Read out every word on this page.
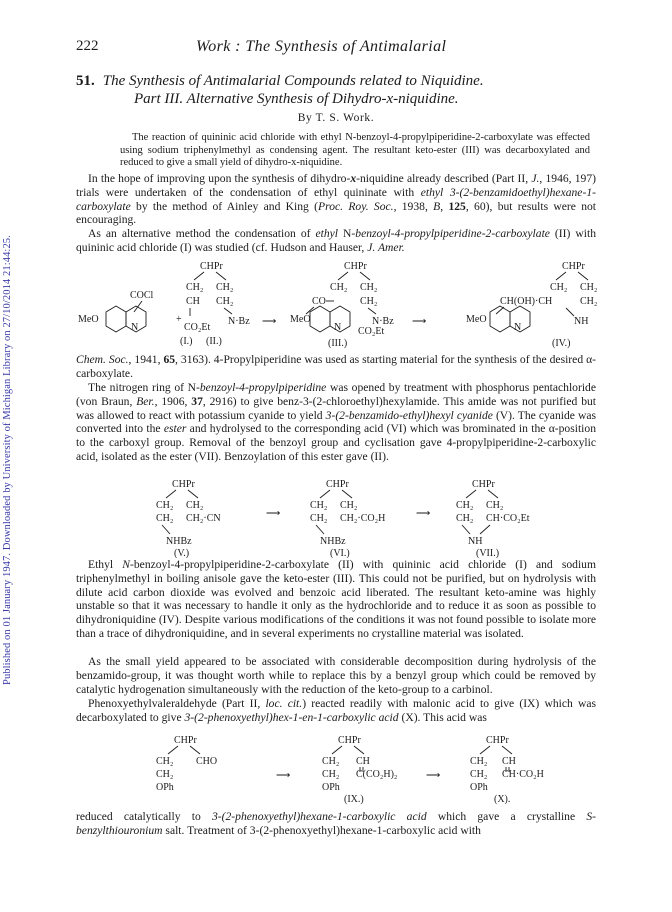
Published on 01 January 1947. Downloaded by University of Michigan Library on 27/10/2014 21:44:25.
222	Work : The Synthesis of Antimalarial
51. The Synthesis of Antimalarial Compounds related to Niquidine.
Part III. Alternative Synthesis of Dihydro-x-niquidine.
By T. S. Work.
The reaction of quininic acid chloride with ethyl N-benzoyl-4-propylpiperidine-2-carboxylate was effected using sodium triphenylmethyl as condensing agent. The resultant keto-ester (III) was decarboxylated and reduced to give a small yield of dihydro-x-niquidine.
In the hope of improving upon the synthesis of dihydro-x-niquidine already described (Part II, J., 1946, 197) trials were undertaken of the condensation of ethyl quininate with ethyl 3-(2-benzamidoethyl)hexane-1-carboxylate by the method of Ainley and King (Proc. Roy. Soc., 1938, B, 125, 60), but results were not encouraging.
As an alternative method the condensation of ethyl N-benzoyl-4-propylpiperidine-2-carboxylate (II) with quininic acid chloride (I) was studied (cf. Hudson and Hauser, J. Amer.
COCl
MeO
N
+
CHPr
CH₂ CH₂
CH CH₂
N·Bz
CO₂Et
(I.) (II.)
⟶
CHPr
CH₂ CH₂
CO	CH₂
MeO
N
N·Bz
CO₂Et
(III.)
⟶
CHPr
CH₂ CH₂
CH(OH)·CH	CH₂
MeO
N
NH
(IV.)
Chem. Soc., 1941, 65, 3163). 4-Propylpiperidine was used as starting material for the synthesis of the desired α-carboxylate.
The nitrogen ring of N-benzoyl-4-propylpiperidine was opened by treatment with phosphorus pentachloride (von Braun, Ber., 1906, 37, 2916) to give benz-3-(2-chloroethyl)hexylamide. This amide was not purified but was allowed to react with potassium cyanide to yield 3-(2-benzamido-ethyl)hexyl cyanide (V). The cyanide was converted into the ester and hydrolysed to the corresponding acid (VI) which was brominated in the α-position to the carboxyl group. Removal of the benzoyl group and cyclisation gave 4-propylpiperidine-2-carboxylic acid, isolated as the ester (VII). Benzoylation of this ester gave (II).
CHPr
CH₂ CH₂
CH₂ CH₂·CN
NHBz
(V.)
⟶
CHPr
CH₂ CH₂
CH₂ CH₂·CO₂H
NHBz
(VI.)
⟶
CHPr
CH₂ CH₂
CH₂ CH·CO₂Et
NH
(VII.)
Ethyl N-benzoyl-4-propylpiperidine-2-carboxylate (II) with quininic acid chloride (I) and sodium triphenylmethyl in boiling anisole gave the keto-ester (III). This could not be purified, but on hydrolysis with dilute acid carbon dioxide was evolved and benzoic acid liberated. The resultant keto-amine was highly unstable so that it was necessary to handle it only as the hydrochloride and to reduce it as soon as possible to dihydroniquidine (IV). Despite various modifications of the conditions it was not found possible to isolate more than a trace of dihydroniquidine, and in several experiments no crystalline material was isolated.
As the small yield appeared to be associated with considerable decomposition during hydrolysis of the benzamido-group, it was thought worth while to replace this by a benzyl group which could be removed by catalytic hydrogenation simultaneously with the reduction of the keto-group to a carbinol.
Phenoxyethylvaleraldehyde (Part II, loc. cit.) reacted readily with malonic acid to give (IX) which was decarboxylated to give 3-(2-phenoxyethyl)hex-1-en-1-carboxylic acid (X). This acid was
CHPr
CH₂ CHO
CH₂
OPh
⟶
CHPr
CH₂ CH
CH₂ C(CO₂H)₂
OPh
(IX.)
⟶
CHPr
CH₂ CH
CH₂ CH·CO₂H
OPh
(X).
reduced catalytically to 3-(2-phenoxyethyl)hexane-1-carboxylic acid which gave a crystalline S-benzylthiouronium salt. Treatment of 3-(2-phenoxyethyl)hexane-1-carboxylic acid with
